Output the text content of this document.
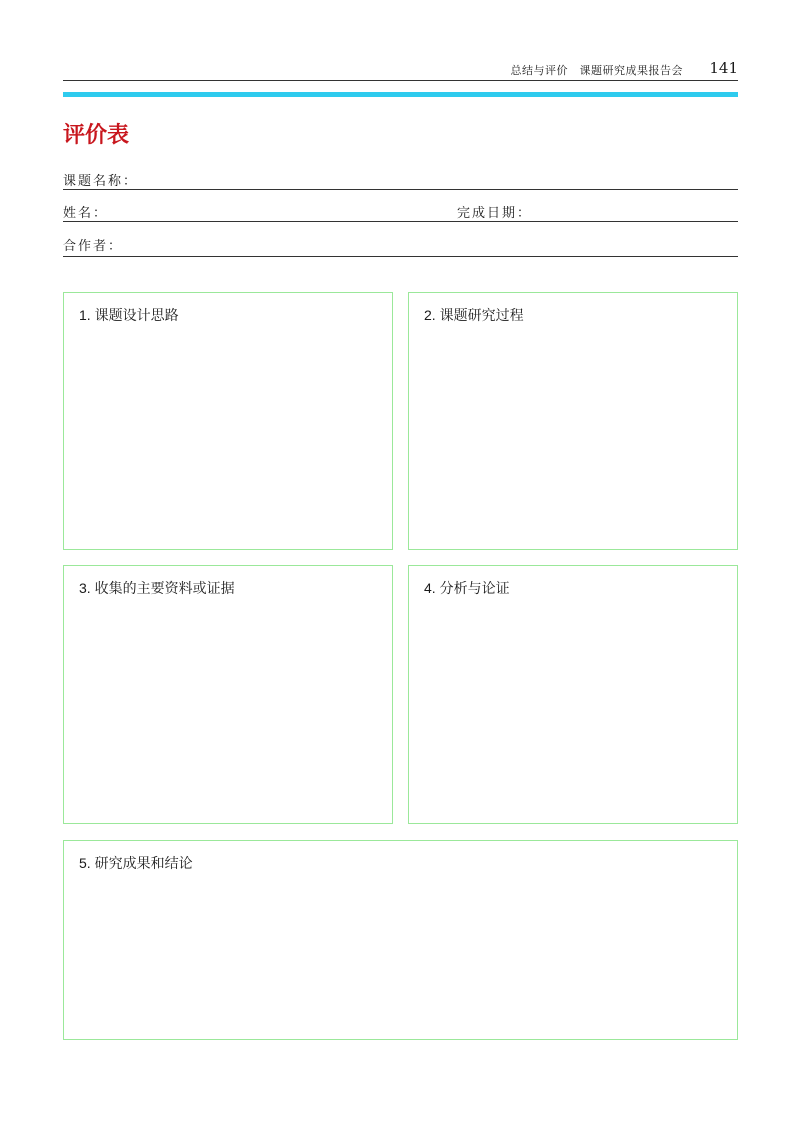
总结与评价　课题研究成果报告会	141
评价表
课题名称：
姓名：	完成日期：
合作者：
1. 课题设计思路	2. 课题研究过程
3. 收集的主要资料或证据	4. 分析与论证
5. 研究成果和结论
